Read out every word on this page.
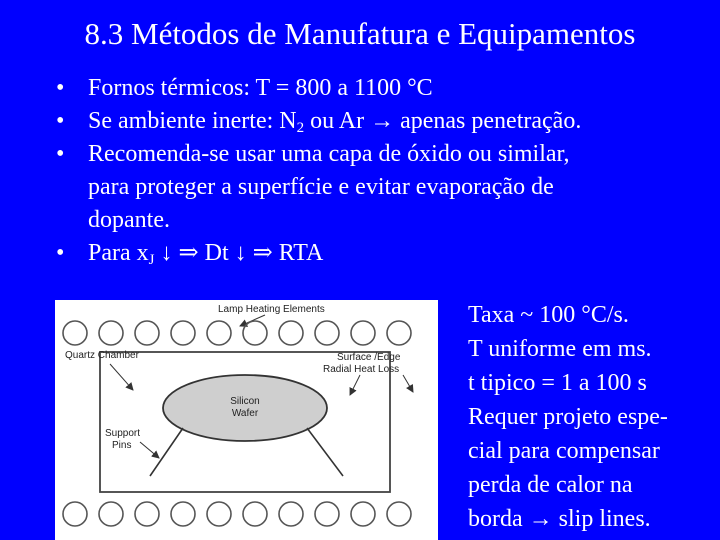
8.3 Métodos de Manufatura e Equipamentos
• Fornos térmicos: T = 800 a 1100 °C
• Se ambiente inerte: $N_2$ ou Ar → apenas penetração.
• Recomenda-se usar uma capa de óxido ou similar,
para proteger a superfície e evitar evaporação de
dopante.
• Para $x_J$ ↓ ⇒ Dt ↓ ⇒ RTA
Lamp Heating Elements
Quartz Chamber	Surface /Edge
Radial Heat Loss
Silicon
Wafer
Support
Pins
Taxa ~ 100 °C/s.
T uniforme em ms.
t tipico = 1 a 100 s
Requer projeto espe-
cial para compensar
perda de calor na
borda → slip lines.
